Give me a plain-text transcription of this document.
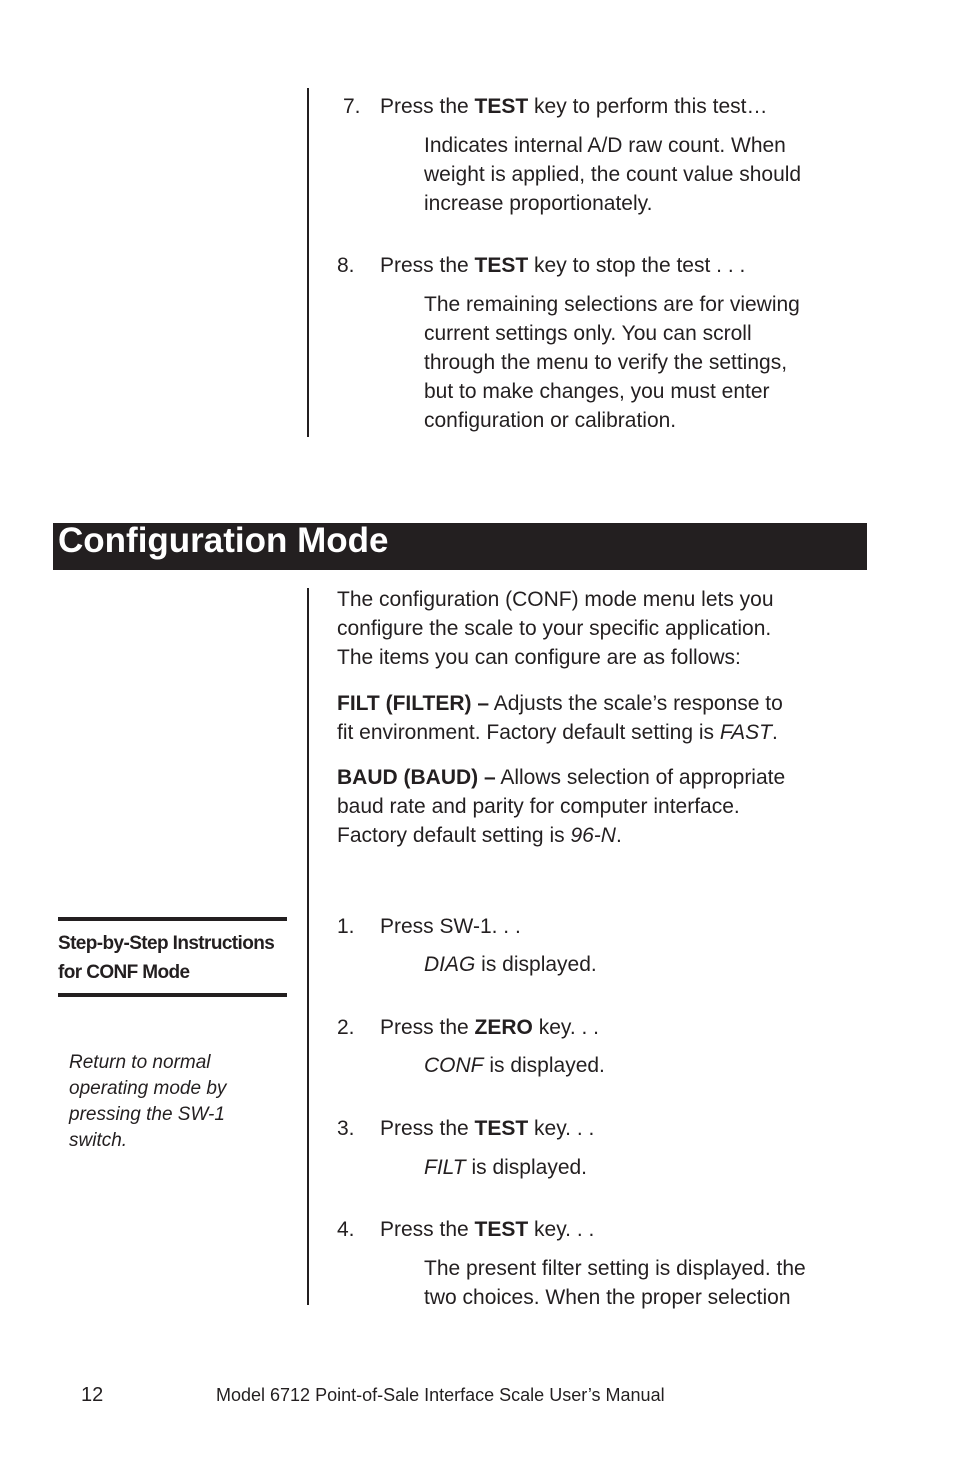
7. Press the TEST key to perform this test…
Indicates internal A/D raw count. When
weight is applied, the count value should
increase proportionately.
8. Press the TEST key to stop the test . . .
The remaining selections are for viewing
current settings only. You can scroll
through the menu to verify the settings,
but to make changes, you must enter
configuration or calibration.
Configuration Mode
The configuration (CONF) mode menu lets you
configure the scale to your specific application.
The items you can configure are as follows:
FILT (FILTER) – Adjusts the scale’s response to
fit environment. Factory default setting is FAST.
BAUD (BAUD) – Allows selection of appropriate
baud rate and parity for computer interface.
Factory default setting is 96-N.
Step-by-Step Instructions
for CONF Mode
Return to normal
operating mode by
pressing the SW-1
switch.
1. Press SW-1. . .
DIAG is displayed.
2. Press the ZERO key. . .
CONF is displayed.
3. Press the TEST key. . .
FILT is displayed.
4. Press the TEST key. . .
The present filter setting is displayed. the
two choices. When the proper selection
12	Model 6712 Point-of-Sale Interface Scale User’s Manual
